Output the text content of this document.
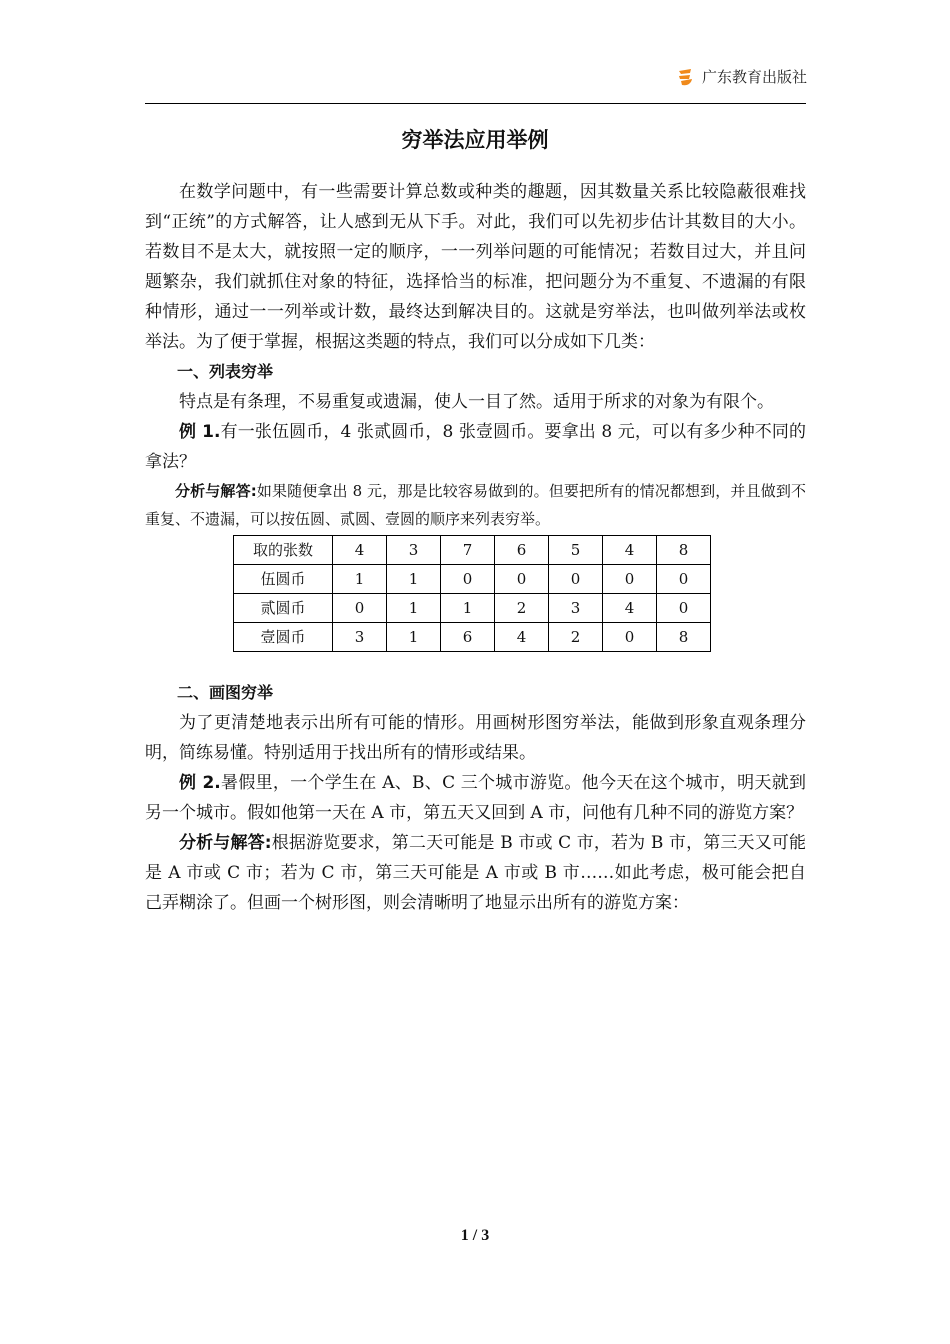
广东教育出版社
穷举法应用举例

在数学问题中，有一些需要计算总数或种类的趣题，因其数量关系比较隐蔽很难找到“正统”的方式解答，让人感到无从下手。对此，我们可以先初步估计其数目的大小。若数目不是太大，就按照一定的顺序，一一列举问题的可能情况；若数目过大，并且问题繁杂，我们就抓住对象的特征，选择恰当的标准，把问题分为不重复、不遗漏的有限种情形，通过一一列举或计数，最终达到解决目的。这就是穷举法，也叫做列举法或枚举法。为了便于掌握，根据这类题的特点，我们可以分成如下几类：

一、列表穷举

特点是有条理，不易重复或遗漏，使人一目了然。适用于所求的对象为有限个。

例 1.有一张伍圆币，4 张贰圆币，8 张壹圆币。要拿出 8 元，可以有多少种不同的拿法？

分析与解答:如果随便拿出 8 元，那是比较容易做到的。但要把所有的情况都想到，并且做到不重复、不遗漏，可以按伍圆、贰圆、壹圆的顺序来列表穷举。

取的张数	4	3	7	6	5	4	8
伍圆币	1	1	0	0	0	0	0
贰圆币	0	1	1	2	3	4	0
壹圆币	3	1	6	4	2	0	8

二、画图穷举

为了更清楚地表示出所有可能的情形。用画树形图穷举法，能做到形象直观条理分明，简练易懂。特别适用于找出所有的情形或结果。

例 2.暑假里，一个学生在 A、B、C 三个城市游览。他今天在这个城市，明天就到另一个城市。假如他第一天在 A 市，第五天又回到 A 市，问他有几种不同的游览方案？

分析与解答:根据游览要求，第二天可能是 B 市或 C 市，若为 B 市，第三天又可能是 A 市或 C 市；若为 C 市，第三天可能是 A 市或 B 市……如此考虑，极可能会把自己弄糊涂了。但画一个树形图，则会清晰明了地显示出所有的游览方案：

1 / 3
